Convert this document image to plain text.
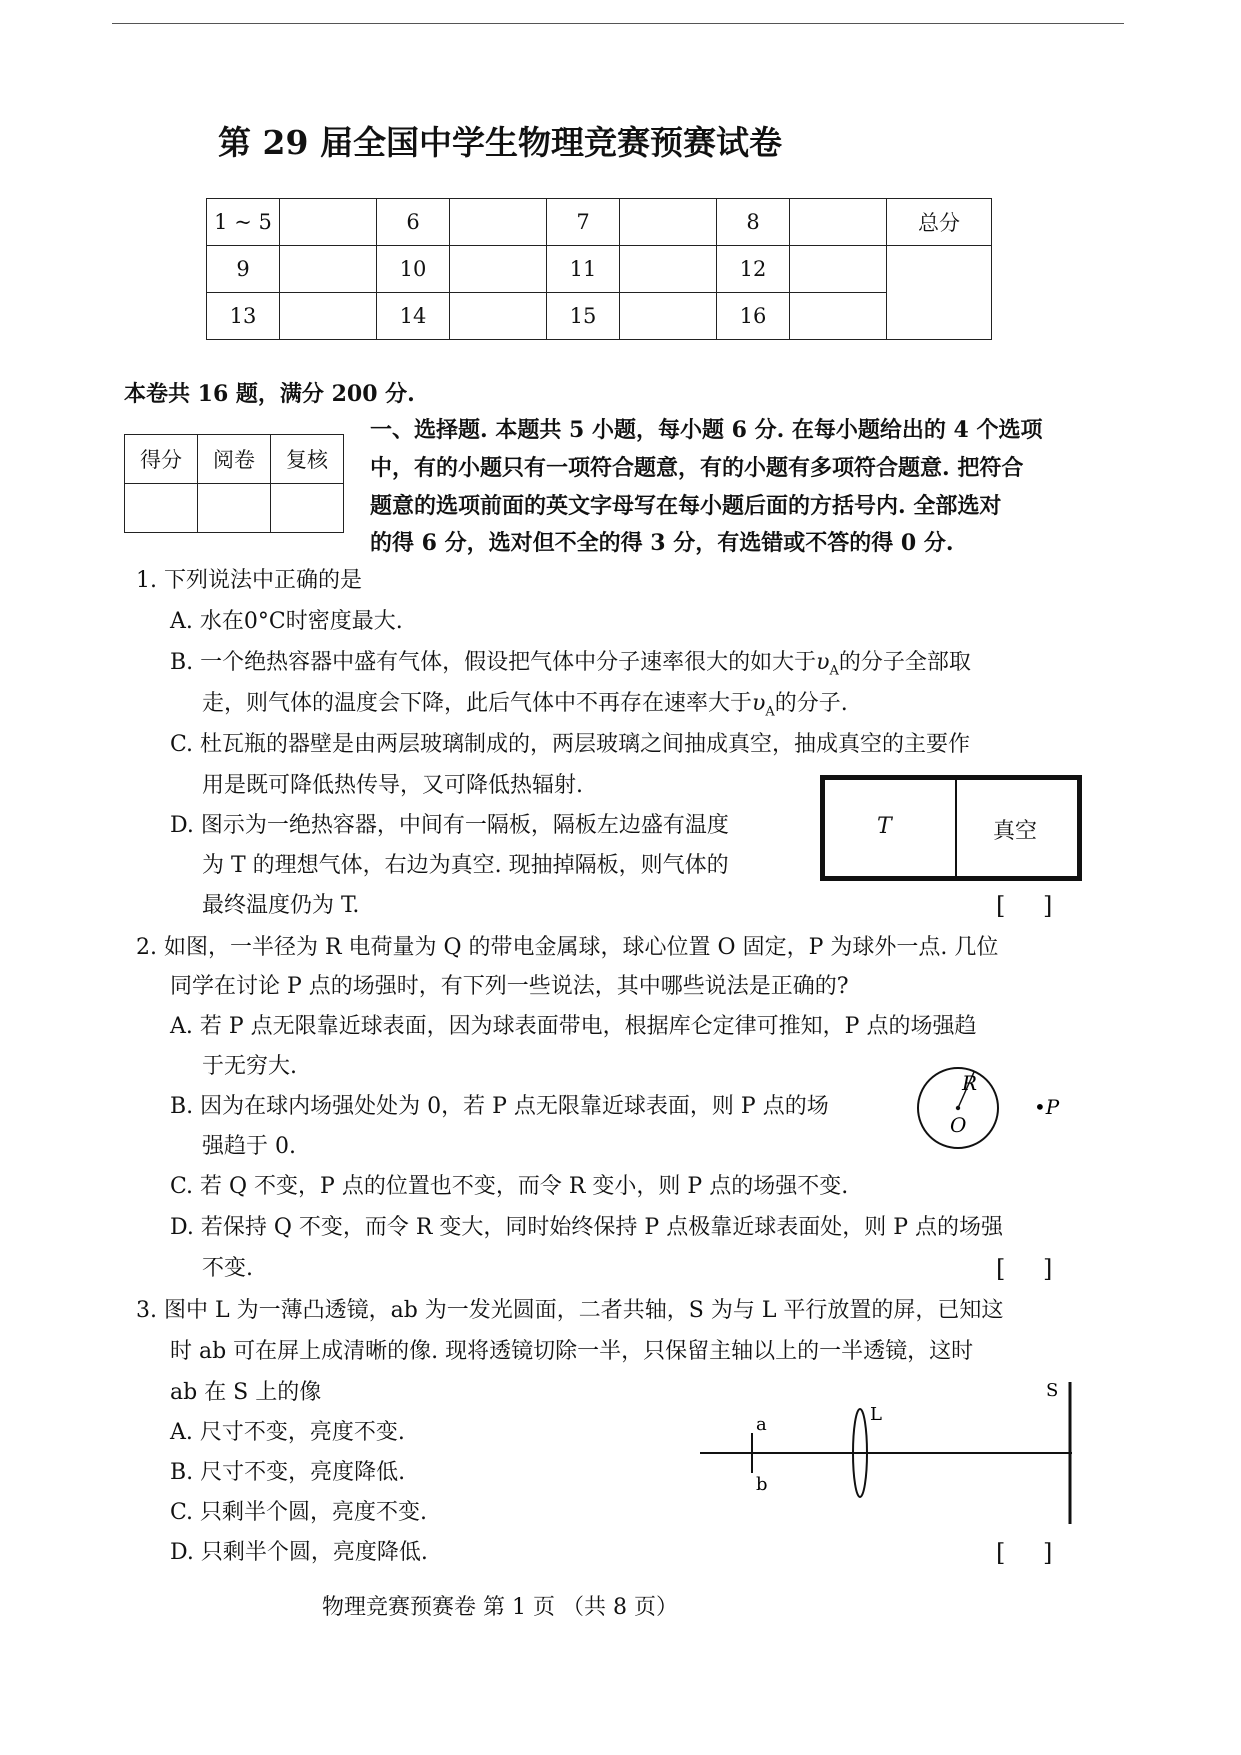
第 29 届全国中学生物理竞赛预赛试卷
1 ~ 5		6		7		8		总分
9		10		11		12		
13		14		15		16		
本卷共 16 题，满分 200 分.
得分	阅卷	复核

一、选择题. 本题共 5 小题，每小题 6 分. 在每小题给出的 4 个选项
中，有的小题只有一项符合题意，有的小题有多项符合题意. 把符合
题意的选项前面的英文字母写在每小题后面的方括号内. 全部选对
的得 6 分，选对但不全的得 3 分，有选错或不答的得 0 分.
1. 下列说法中正确的是
A. 水在0°C时密度最大.
B. 一个绝热容器中盛有气体，假设把气体中分子速率很大的如大于$\upsilon_A$的分子全部取
走，则气体的温度会下降，此后气体中不再存在速率大于$\upsilon_A$的分子.
C. 杜瓦瓶的器壁是由两层玻璃制成的，两层玻璃之间抽成真空，抽成真空的主要作
用是既可降低热传导，又可降低热辐射.
D. 图示为一绝热容器，中间有一隔板，隔板左边盛有温度
为 T 的理想气体，右边为真空. 现抽掉隔板，则气体的
最终温度仍为 T.	[ ]
T	真空
2. 如图，一半径为 R 电荷量为 Q 的带电金属球，球心位置 O 固定，P 为球外一点. 几位
同学在讨论 P 点的场强时，有下列一些说法，其中哪些说法是正确的?
A. 若 P 点无限靠近球表面，因为球表面带电，根据库仑定律可推知，P 点的场强趋
于无穷大.
B. 因为在球内场强处处为 0，若 P 点无限靠近球表面，则 P 点的场
强趋于 0.
C. 若 Q 不变，P 点的位置也不变，而令 R 变小，则 P 点的场强不变.
D. 若保持 Q 不变，而令 R 变大，同时始终保持 P 点极靠近球表面处，则 P 点的场强
不变.	[ ]
R
O
•P
3. 图中 L 为一薄凸透镜，ab 为一发光圆面，二者共轴，S 为与 L 平行放置的屏，已知这
时 ab 可在屏上成清晰的像. 现将透镜切除一半，只保留主轴以上的一半透镜，这时
ab 在 S 上的像
A. 尺寸不变，亮度不变.
B. 尺寸不变，亮度降低.
C. 只剩半个圆，亮度不变.
D. 只剩半个圆，亮度降低.	[ ]
a
b
L
S
物理竞赛预赛卷 第 1 页 （共 8 页）
